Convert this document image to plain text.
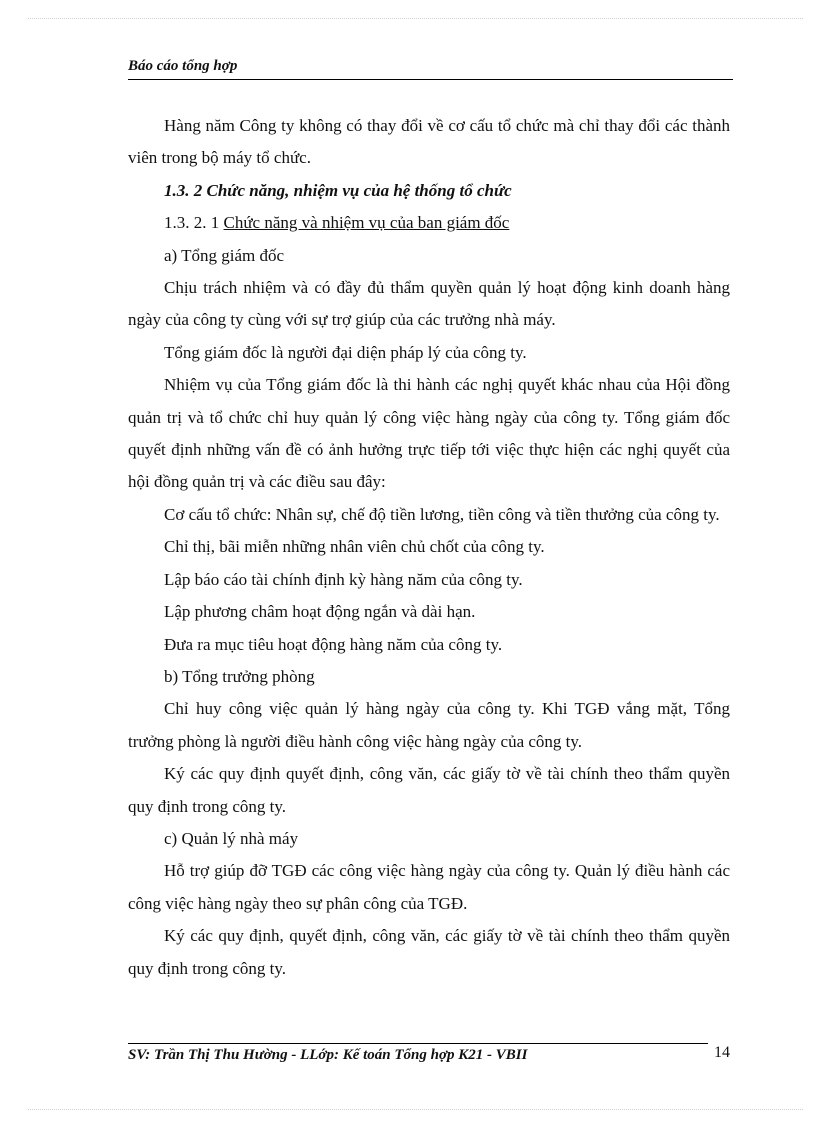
Báo cáo tổng hợp

Hàng năm Công ty không có thay đổi về cơ cấu tổ chức mà chỉ thay đổi các thành viên trong bộ máy tổ chức.

1.3. 2 Chức năng, nhiệm vụ của hệ thống tổ chức

1.3. 2. 1 Chức năng và nhiệm vụ của ban giám đốc

a) Tổng giám đốc

Chịu trách nhiệm và có đầy đủ thẩm quyền quản lý hoạt động kinh doanh hàng ngày của công ty cùng với sự trợ giúp của các trưởng nhà máy.

Tổng giám đốc là người đại diện pháp lý của công ty.

Nhiệm vụ của Tổng giám đốc là thi hành các nghị quyết khác nhau của Hội đồng quản trị và tổ chức chỉ huy quản lý công việc hàng ngày của công ty. Tổng giám đốc quyết định những vấn đề có ảnh hưởng trực tiếp tới việc thực hiện các nghị quyết của hội đồng quản trị và các điều sau đây:

Cơ cấu tổ chức: Nhân sự, chế độ tiền lương, tiền công và tiền thưởng của công ty.

Chỉ thị, bãi miễn những nhân viên chủ chốt của công ty.

Lập báo cáo tài chính định kỳ hàng năm của công ty.

Lập phương châm hoạt động ngắn và dài hạn.

Đưa ra mục tiêu hoạt động hàng năm của công ty.

b) Tổng trưởng phòng

Chỉ huy công việc quản lý hàng ngày của công ty. Khi TGĐ vắng mặt, Tổng trưởng phòng là người điều hành công việc hàng ngày của công ty.

Ký các quy định quyết định, công văn, các giấy tờ về tài chính theo thẩm quyền quy định trong công ty.

c) Quản lý nhà máy

Hỗ trợ giúp đỡ TGĐ các công việc hàng ngày của công ty. Quản lý điều hành các công việc hàng ngày theo sự phân công của TGĐ.

Ký các quy định, quyết định, công văn, các giấy tờ về tài chính theo thẩm quyền quy định trong công ty.

SV: Trần Thị Thu Hường - LLớp: Kế toán Tổng hợp K21 - VBII	14
